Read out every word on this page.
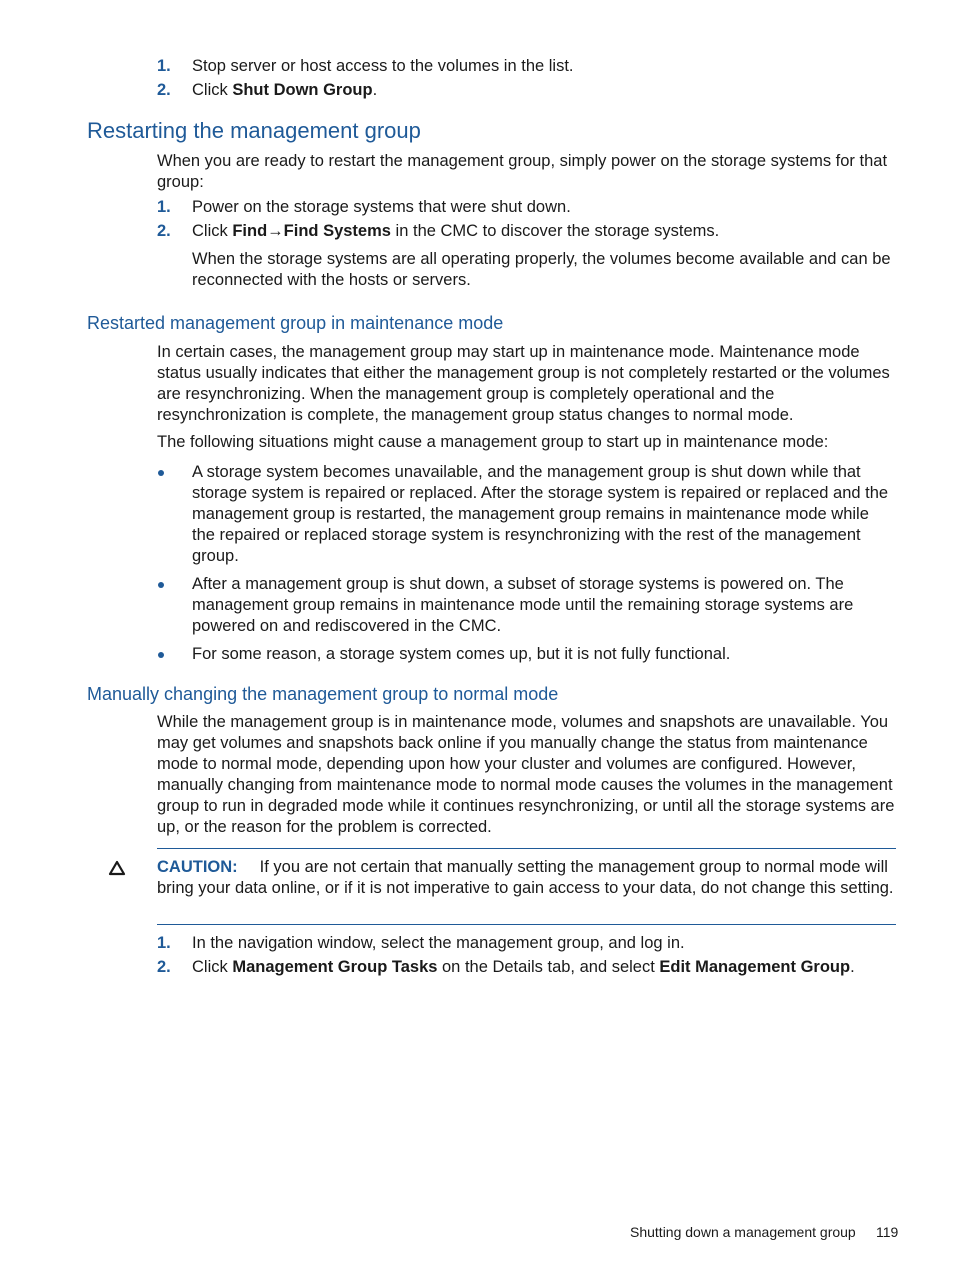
1. Stop server or host access to the volumes in the list.
2. Click Shut Down Group.
Restarting the management group
When you are ready to restart the management group, simply power on the storage systems for that group:
1. Power on the storage systems that were shut down.
2. Click Find→Find Systems in the CMC to discover the storage systems.
When the storage systems are all operating properly, the volumes become available and can be reconnected with the hosts or servers.
Restarted management group in maintenance mode
In certain cases, the management group may start up in maintenance mode. Maintenance mode status usually indicates that either the management group is not completely restarted or the volumes are resynchronizing. When the management group is completely operational and the resynchronization is complete, the management group status changes to normal mode.
The following situations might cause a management group to start up in maintenance mode:
A storage system becomes unavailable, and the management group is shut down while that storage system is repaired or replaced. After the storage system is repaired or replaced and the management group is restarted, the management group remains in maintenance mode while the repaired or replaced storage system is resynchronizing with the rest of the management group.
After a management group is shut down, a subset of storage systems is powered on. The management group remains in maintenance mode until the remaining storage systems are powered on and rediscovered in the CMC.
For some reason, a storage system comes up, but it is not fully functional.
Manually changing the management group to normal mode
While the management group is in maintenance mode, volumes and snapshots are unavailable. You may get volumes and snapshots back online if you manually change the status from maintenance mode to normal mode, depending upon how your cluster and volumes are configured. However, manually changing from maintenance mode to normal mode causes the volumes in the management group to run in degraded mode while it continues resynchronizing, or until all the storage systems are up, or the reason for the problem is corrected.
CAUTION: If you are not certain that manually setting the management group to normal mode will bring your data online, or if it is not imperative to gain access to your data, do not change this setting.
1. In the navigation window, select the management group, and log in.
2. Click Management Group Tasks on the Details tab, and select Edit Management Group.
Shutting down a management group 119
